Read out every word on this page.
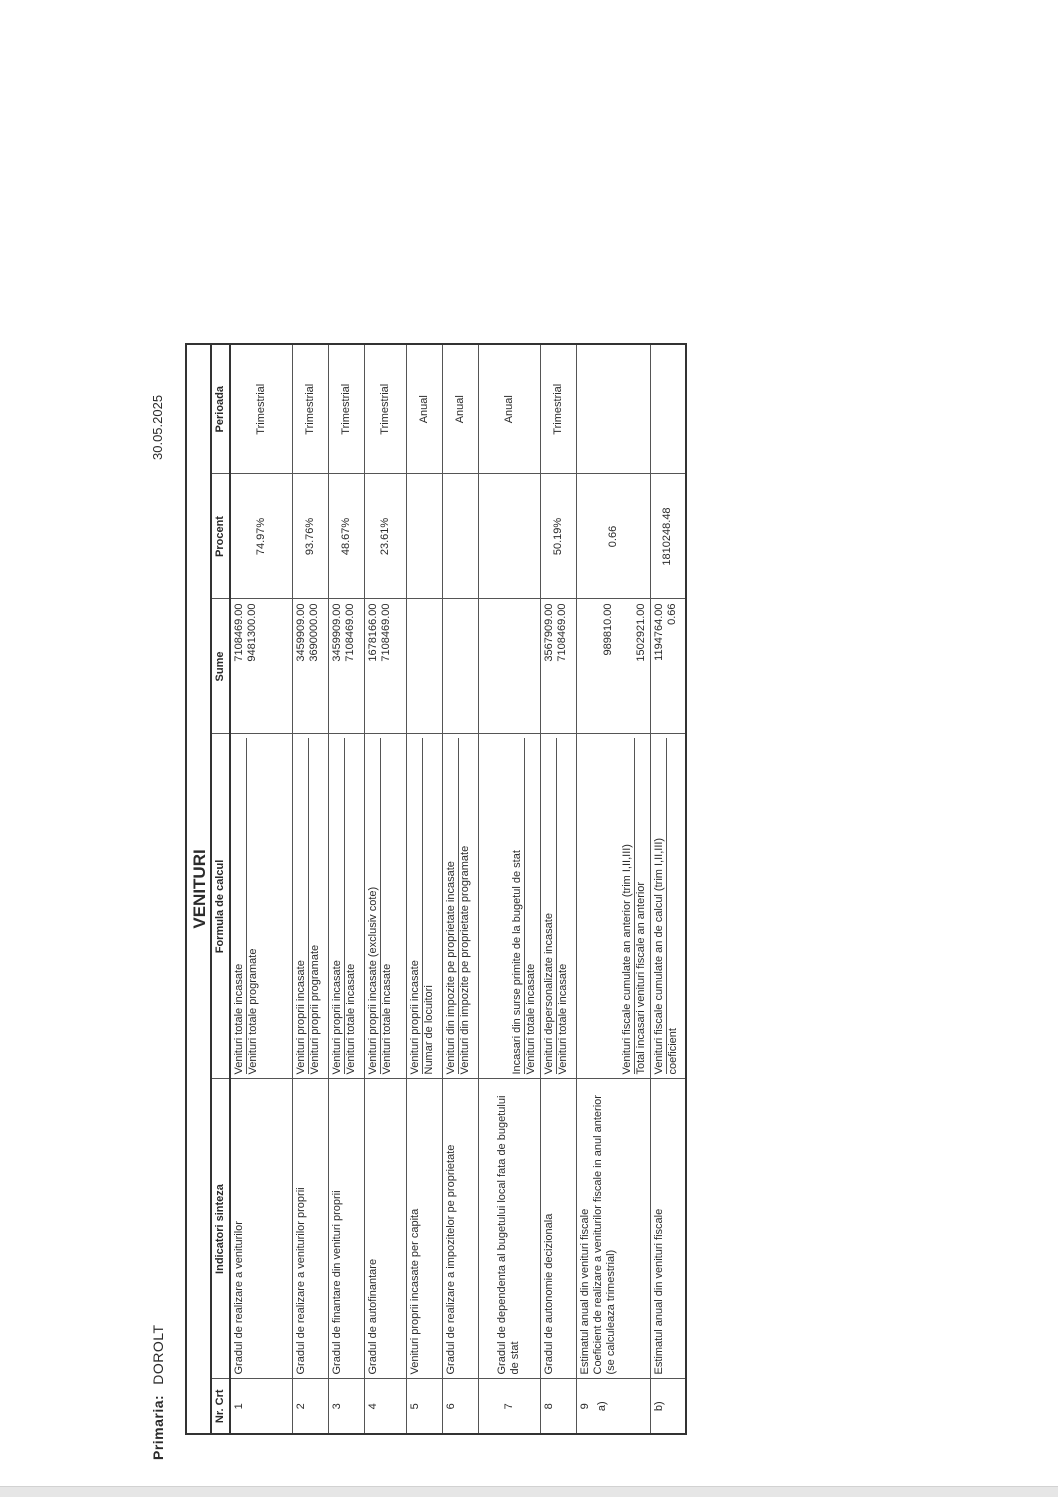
Primaria:DOROLT
30.05.2025
VENITURI					
Nr. Crt	Indicatori sinteza	Formula de calcul	Sume	Procent	Perioada
1	Gradul de realizare a veniturilor	Venituri totale incasate Venituri totale programate	7108469.00 9481300.00	74.97%	Trimestrial
2	Gradul de realizare a veniturilor proprii	Venituri proprii incasate Venituri proprii programate	3459909.00 3690000.00	93.76%	Trimestrial
3	Gradul de finantare din venituri proprii	Venituri proprii incasate Venituri totale incasate	3459909.00 7108469.00	48.67%	Trimestrial
4	Gradul de autofinantare	Venituri proprii incasate (exclusiv cote) Venituri totale incasate	1678166.00 7108469.00	23.61%	Trimestrial
5	Venituri proprii incasate per capita	Venituri proprii incasate Numar de locuitori			Anual
6	Gradul de realizare a impozitelor pe proprietate	Venituri din impozite pe proprietate incasate Venituri din impozite pe proprietate programate			Anual
7	Gradul de dependenta al bugetului local fata de bugetului de stat	Incasari din surse primite de la bugetul de stat Venituri totale incasate			Anual
8	Gradul de autonomie decizionala	Venituri depersonalizate incasate Venituri totale incasate	3567909.00 7108469.00	50.19%	Trimestrial

9 a)	Estimatul anual din venituri fiscale Coeficient de realizare a veniturilor fiscale in anul anterior (se calculeaza trimestrial)	Venituri fiscale cumulate an anterior (trim I,II,III) Total incasari venituri fiscale an anterior	989810.00 1502921.00	0.66	
b)	Estimatul anual din venituri fiscale	Venituri fiscale cumulate an de calcul (trim I,II,III) coeficient	1194764.00 0.66	1810248.48	
